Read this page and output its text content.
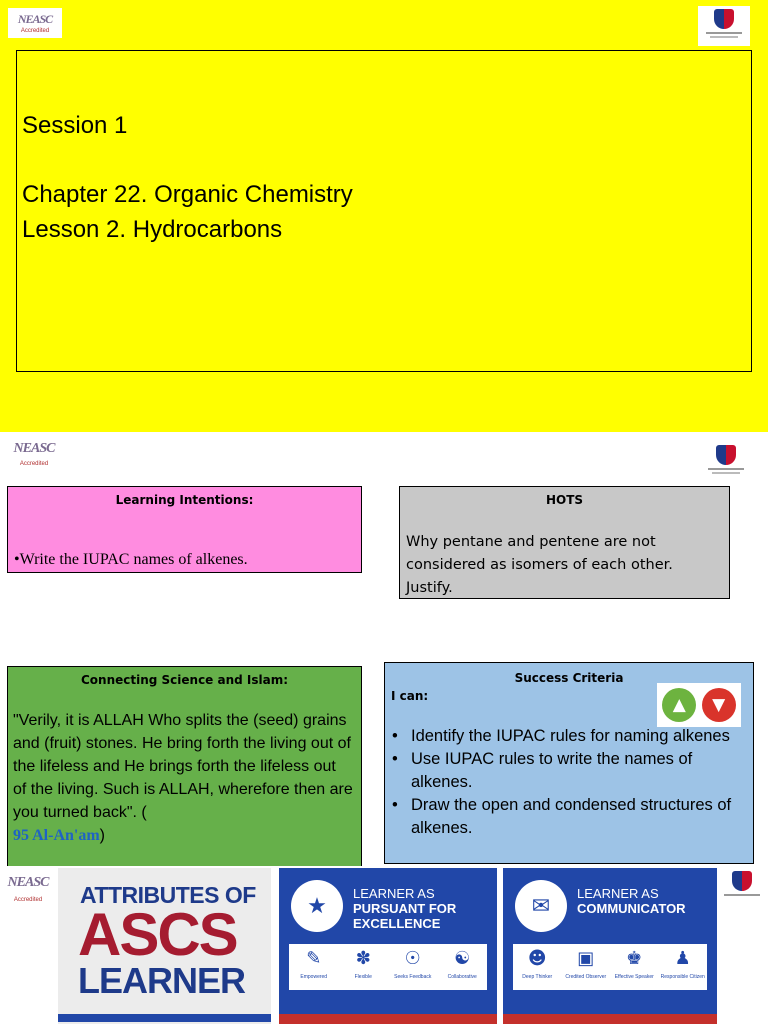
NEASC
Accredited
Session 1
Chapter 22. Organic Chemistry
Lesson 2. Hydrocarbons
NEASC
Accredited
Learning Intentions:
•Write the IUPAC names of alkenes.
HOTS
Why pentane and pentene are not considered as isomers of each other. Justify.
Connecting Science and Islam:
"Verily, it is ALLAH Who splits the (seed) grains and (fruit) stones. He bring forth the living out of the lifeless and He brings forth the lifeless out of the living. Such is ALLAH, wherefore then are you turned back". (
95 Al-An'am)
Success Criteria
I can:	▲	▼
• Identify the IUPAC rules for naming alkenes
• Use IUPAC rules to write the names of alkenes.
• Draw the open and condensed structures of alkenes.
NEASC
Accredited ATTRIBUTES OF
ASCS
LEARNER
★	LEARNER AS
PURSUANT FOR EXCELLENCE
✎
Empowered
✽
Flexible
☉
Seeks Feedback
☯
Collaborative
✉	LEARNER AS
COMMUNICATOR
☻
Deep Thinker
▣
Credited Observer
♚
Effective Speaker
♟
Responsible Citizen
